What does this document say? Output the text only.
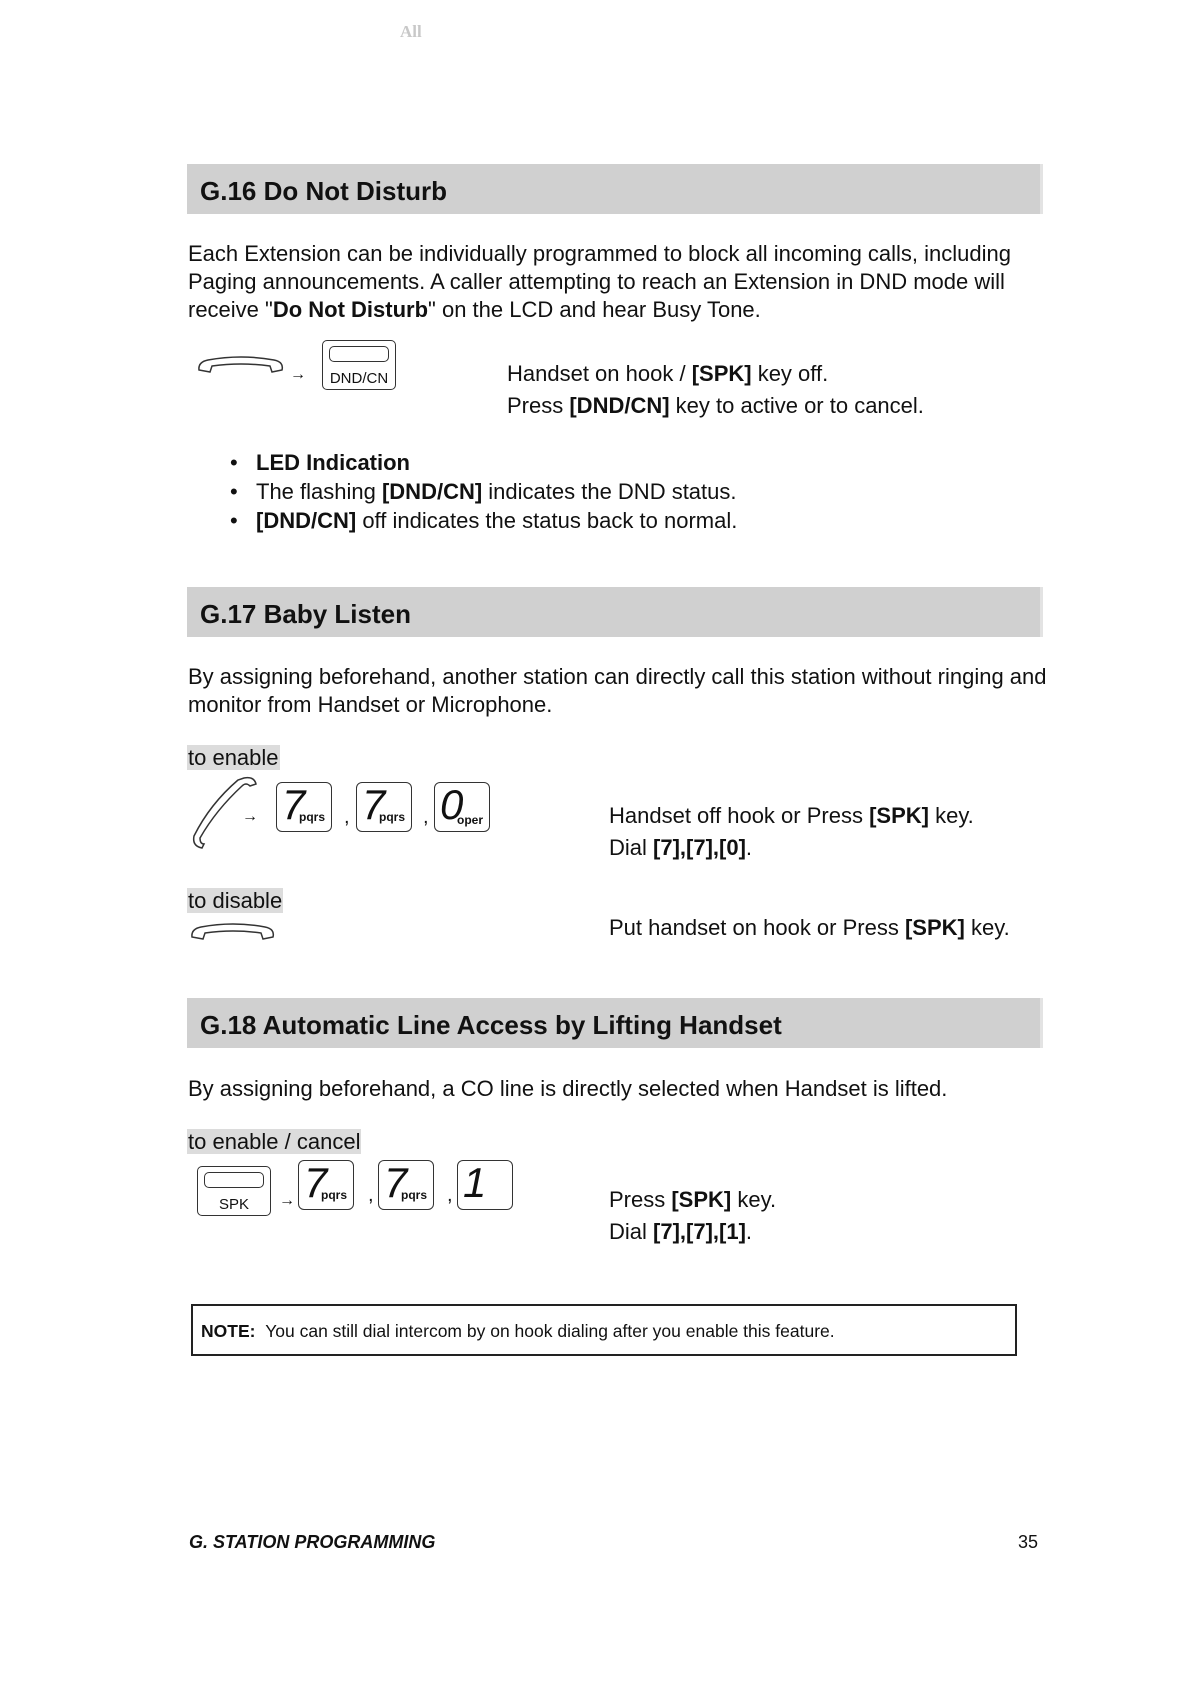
All
G.16 Do Not Disturb
Each Extension can be individually programmed to block all incoming calls, including Paging announcements. A caller attempting to reach an Extension in DND mode will receive "Do Not Disturb" on the LCD and hear Busy Tone.
→	DND/CN	Handset on hook / [SPK] key off.
Press [DND/CN] key to active or to cancel.
• LED Indication
• The flashing [DND/CN] indicates the DND status.
• [DND/CN] off indicates the status back to normal.
G.17 Baby Listen
By assigning beforehand, another station can directly call this station without ringing and monitor from Handset or Microphone.
to enable
→ 7
pqrs , 7
pqrs , 0
oper	Handset off hook or Press [SPK] key.
Dial [7],[7],[0].
to disable
Put handset on hook or Press [SPK] key.
G.18 Automatic Line Access by Lifting Handset
By assigning beforehand, a CO line is directly selected when Handset is lifted.
to enable / cancel
SPK	→ 7
pqrs , 7
pqrs , 1	Press [SPK] key.
Dial [7],[7],[1].
NOTE: You can still dial intercom by on hook dialing after you enable this feature.
G. STATION PROGRAMMING	35
